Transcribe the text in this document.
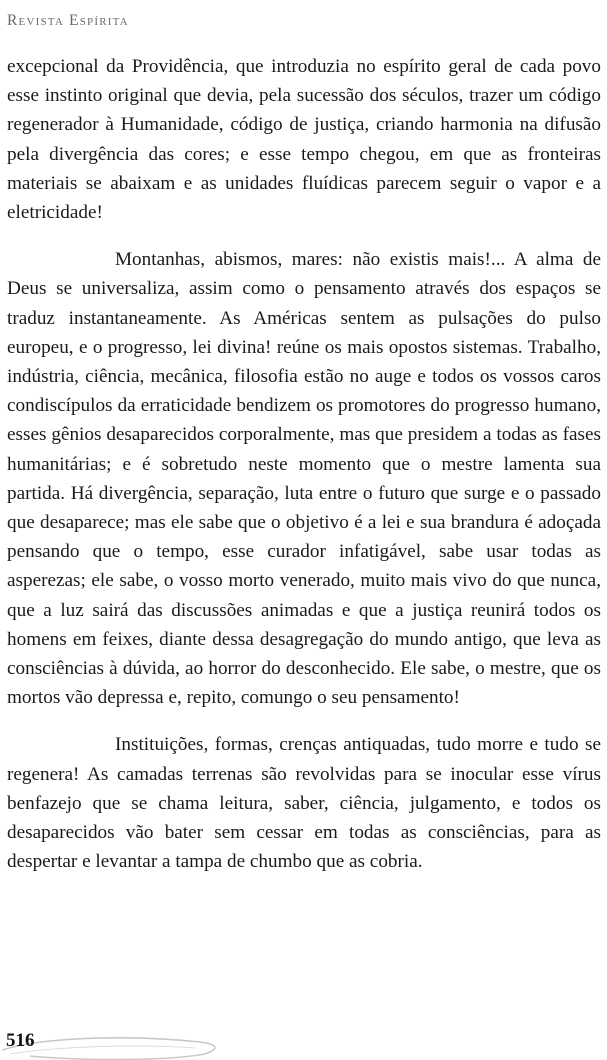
Revista Espírita

excepcional da Providência, que introduzia no espírito geral de cada povo esse instinto original que devia, pela sucessão dos séculos, trazer um código regenerador à Humanidade, código de justiça, criando harmonia na difusão pela divergência das cores; e esse tempo chegou, em que as fronteiras materiais se abaixam e as unidades fluídicas parecem seguir o vapor e a eletricidade!

Montanhas, abismos, mares: não existis mais!... A alma de Deus se universaliza, assim como o pensamento através dos espaços se traduz instantaneamente. As Américas sentem as pulsações do pulso europeu, e o progresso, lei divina! reúne os mais opostos sistemas. Trabalho, indústria, ciência, mecânica, filosofia estão no auge e todos os vossos caros condiscípulos da erraticidade bendizem os promotores do progresso humano, esses gênios desaparecidos corporalmente, mas que presidem a todas as fases humanitárias; e é sobretudo neste momento que o mestre lamenta sua partida. Há divergência, separação, luta entre o futuro que surge e o passado que desaparece; mas ele sabe que o objetivo é a lei e sua brandura é adoçada pensando que o tempo, esse curador infatigável, sabe usar todas as asperezas; ele sabe, o vosso morto venerado, muito mais vivo do que nunca, que a luz sairá das discussões animadas e que a justiça reunirá todos os homens em feixes, diante dessa desagregação do mundo antigo, que leva as consciências à dúvida, ao horror do desconhecido. Ele sabe, o mestre, que os mortos vão depressa e, repito, comungo o seu pensamento!

Instituições, formas, crenças antiquadas, tudo morre e tudo se regenera! As camadas terrenas são revolvidas para se inocular esse vírus benfazejo que se chama leitura, saber, ciência, julgamento, e todos os desaparecidos vão bater sem cessar em todas as consciências, para as despertar e levantar a tampa de chumbo que as cobria.

516
